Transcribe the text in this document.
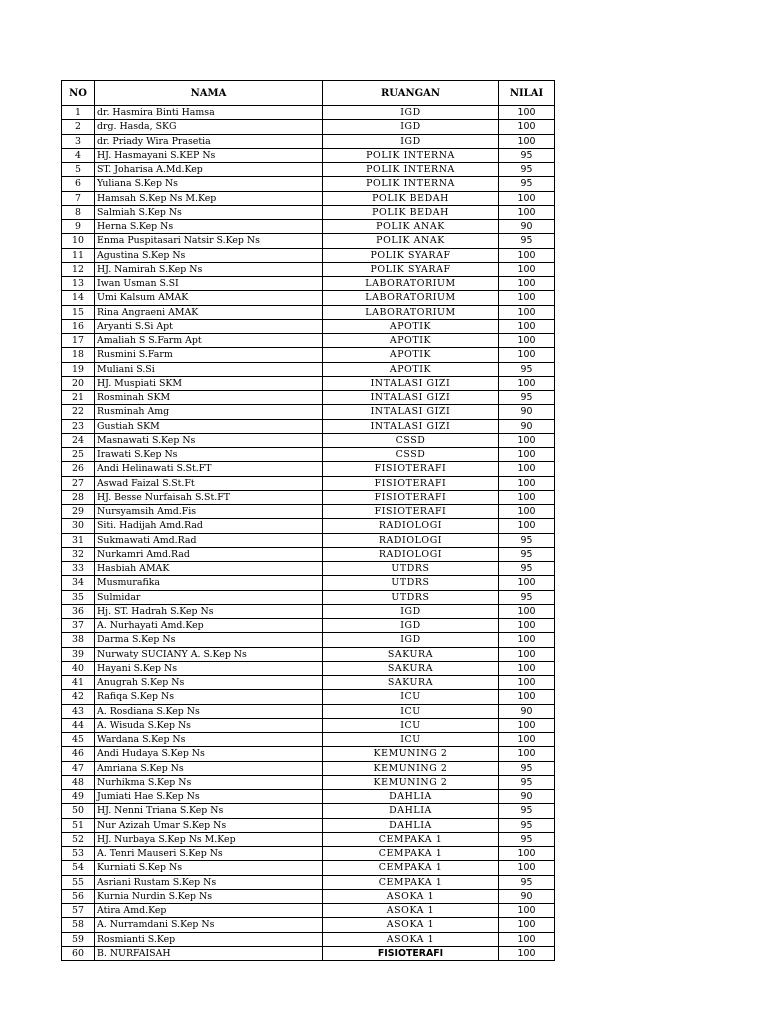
NO	NAMA	RUANGAN	NILAI
1	dr. Hasmira Binti Hamsa	IGD	100
2	drg. Hasda, SKG	IGD	100
3	dr. Priady Wira Prasetia	IGD	100
4	HJ. Hasmayani S.KEP Ns	POLIK INTERNA	95
5	ST. Joharisa A.Md.Kep	POLIK INTERNA	95
6	Yuliana S.Kep Ns	POLIK INTERNA	95
7	Hamsah S.Kep Ns M.Kep	POLIK BEDAH	100
8	Salmiah S.Kep Ns	POLIK BEDAH	100
9	Herna S.Kep Ns	POLIK ANAK	90
10	Enma Puspitasari Natsir S.Kep Ns	POLIK ANAK	95
11	Agustina S.Kep Ns	POLIK SYARAF	100
12	HJ. Namirah S.Kep Ns	POLIK SYARAF	100
13	Iwan Usman S.SI	LABORATORIUM	100
14	Umi Kalsum AMAK	LABORATORIUM	100
15	Rina Angraeni AMAK	LABORATORIUM	100
16	Aryanti S.Si Apt	APOTIK	100
17	Amaliah S S.Farm Apt	APOTIK	100
18	Rusmini S.Farm	APOTIK	100
19	Muliani S.Si	APOTIK	95
20	HJ. Muspiati SKM	INTALASI GIZI	100
21	Rosminah SKM	INTALASI GIZI	95
22	Rusminah Amg	INTALASI GIZI	90
23	Gustiah SKM	INTALASI GIZI	90
24	Masnawati S.Kep Ns	CSSD	100
25	Irawati S.Kep Ns	CSSD	100
26	Andi Helinawati S.St.FT	FISIOTERAFI	100
27	Aswad Faizal S.St.Ft	FISIOTERAFI	100
28	HJ. Besse Nurfaisah S.St.FT	FISIOTERAFI	100
29	Nursyamsih Amd.Fis	FISIOTERAFI	100
30	Siti. Hadijah Amd.Rad	RADIOLOGI	100
31	Sukmawati Amd.Rad	RADIOLOGI	95
32	Nurkamri Amd.Rad	RADIOLOGI	95
33	Hasbiah AMAK	UTDRS	95
34	Musmurafika	UTDRS	100
35	Sulmidar	UTDRS	95
36	Hj. ST. Hadrah S.Kep Ns	IGD	100
37	A. Nurhayati Amd.Kep	IGD	100
38	Darma S.Kep Ns	IGD	100
39	Nurwaty SUCIANY A. S.Kep Ns	SAKURA	100
40	Hayani S.Kep Ns	SAKURA	100
41	Anugrah S.Kep Ns	SAKURA	100
42	Rafiqa S.Kep Ns	ICU	100
43	A. Rosdiana S.Kep Ns	ICU	90
44	A. Wisuda S.Kep Ns	ICU	100
45	Wardana S.Kep Ns	ICU	100
46	Andi Hudaya S.Kep Ns	KEMUNING 2	100
47	Amriana S.Kep Ns	KEMUNING 2	95
48	Nurhikma S.Kep Ns	KEMUNING 2	95
49	Jumiati Hae S.Kep Ns	DAHLIA	90
50	HJ. Nenni Triana S.Kep Ns	DAHLIA	95
51	Nur Azizah Umar S.Kep Ns	DAHLIA	95
52	HJ. Nurbaya S.Kep Ns M.Kep	CEMPAKA 1	95
53	A. Tenri Mauseri S.Kep Ns	CEMPAKA 1	100
54	Kurniati S.Kep Ns	CEMPAKA 1	100
55	Asriani Rustam S.Kep Ns	CEMPAKA 1	95
56	Kurnia Nurdin S.Kep Ns	ASOKA 1	90
57	Atira Amd.Kep	ASOKA 1	100
58	A. Nurramdani S.Kep Ns	ASOKA 1	100
59	Rosmianti S.Kep	ASOKA 1	100
60	B. NURFAISAH	FISIOTERAFI	100
